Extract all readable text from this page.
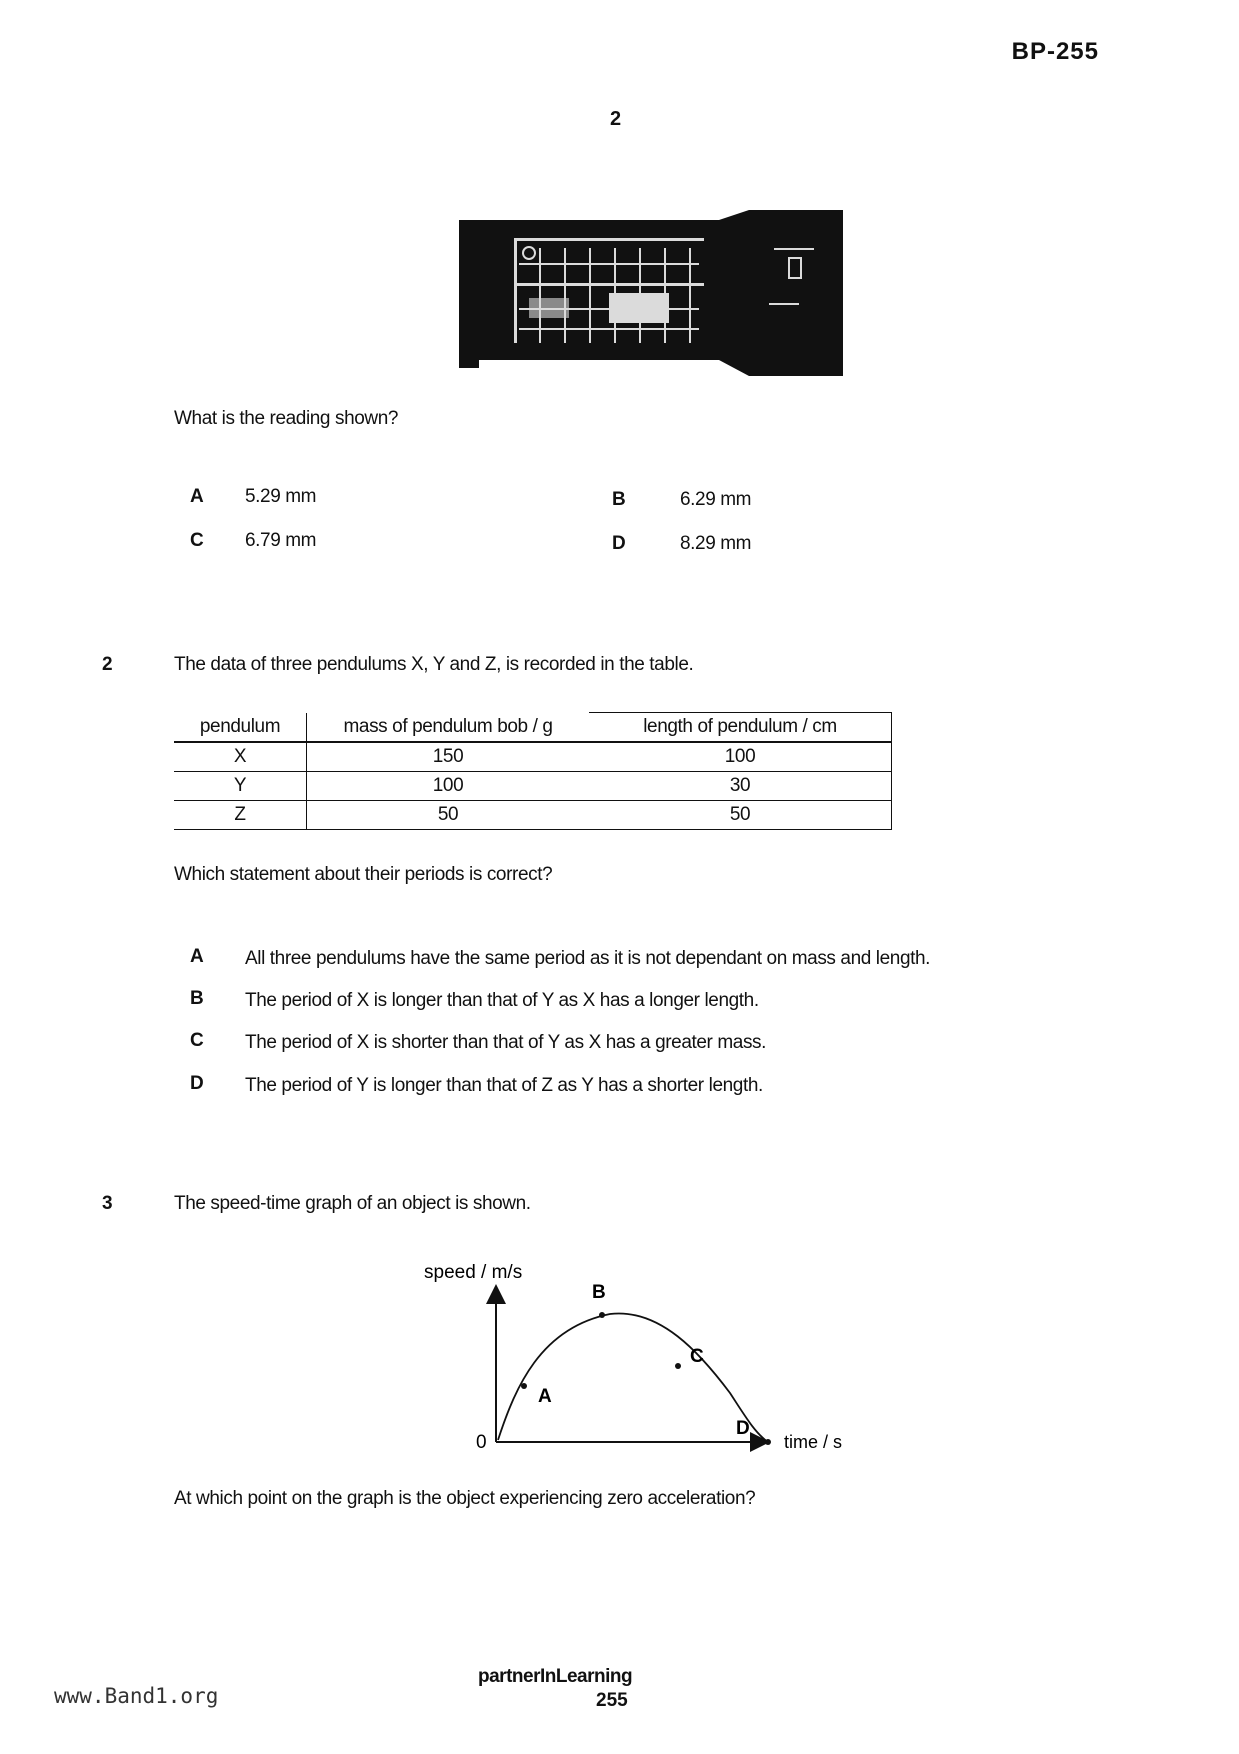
BP-255
2
What is the reading shown?
A 5.29 mm	B	6.29 mm
C 6.79 mm	D	8.29 mm
2	The data of three pendulums X, Y and Z, is recorded in the table.
pendulum	mass of pendulum bob / g	length of pendulum / cm
X	150	100
Y	100	30
Z	50	50
Which statement about their periods is correct?
A All three pendulums have the same period as it is not dependant on mass and length.
B The period of X is longer than that of Y as X has a longer length.
C The period of X is shorter than that of Y as X has a greater mass.
D The period of Y is longer than that of Z as Y has a shorter length.
3	The speed-time graph of an object is shown.
speed / m/s
A
B
C
D
0	time / s
At which point on the graph is the object experiencing zero acceleration?
partnerInLearning
255
www.Band1.org
